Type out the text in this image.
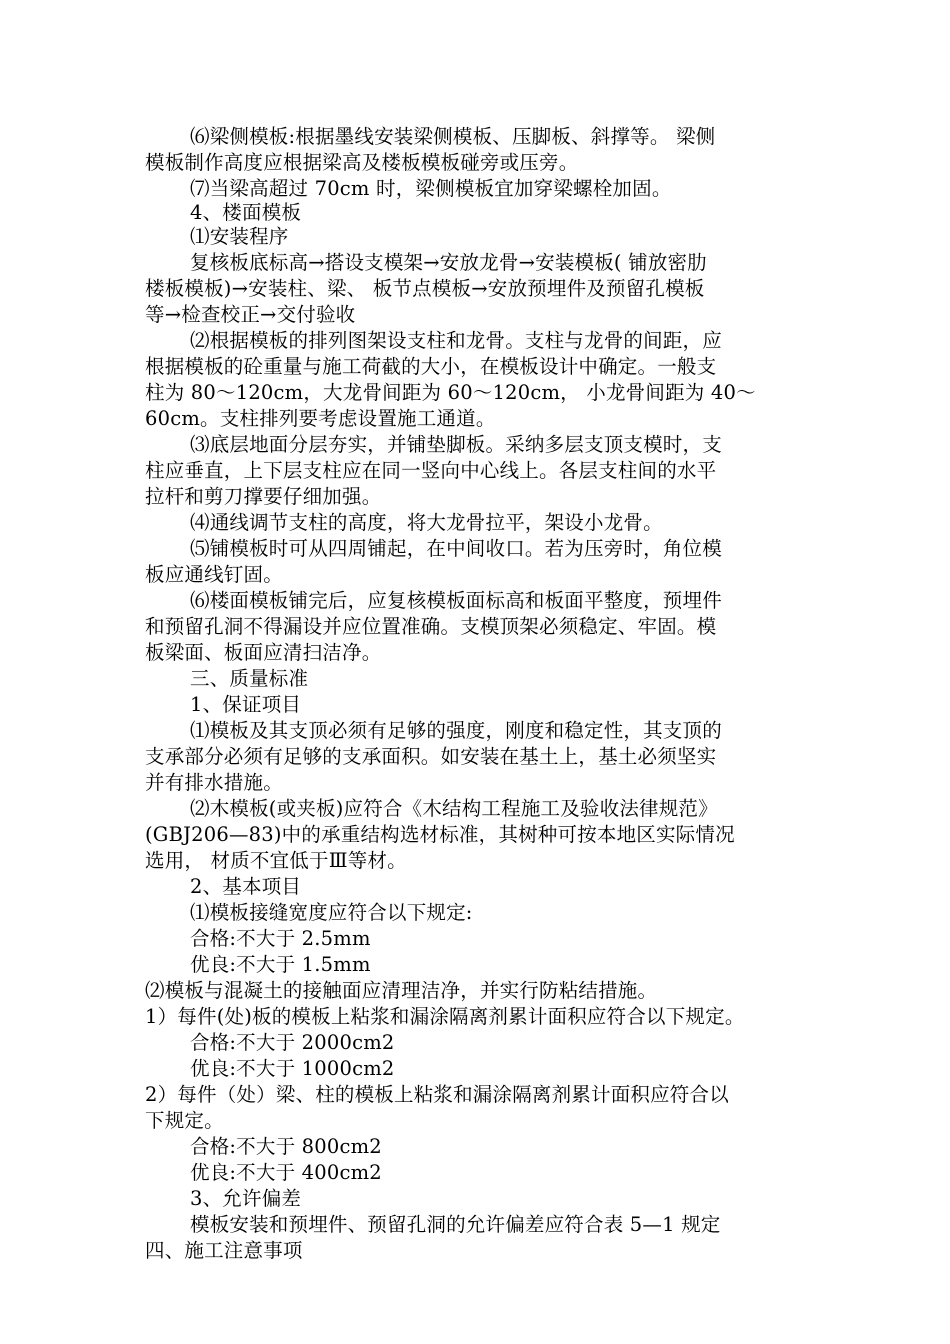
⑹梁侧模板:根据墨线安装梁侧模板、压脚板、斜撑等。 梁侧
模板制作高度应根据梁高及楼板模板碰旁或压旁。
⑺当梁高超过 70cm 时，梁侧模板宜加穿梁螺栓加固。
4、楼面模板
⑴安装程序
复核板底标高→搭设支模架→安放龙骨→安装模板( 铺放密肋
楼板模板)→安装柱、梁、 板节点模板→安放预埋件及预留孔模板
等→检查校正→交付验收
⑵根据模板的排列图架设支柱和龙骨。支柱与龙骨的间距，应
根据模板的砼重量与施工荷截的大小，在模板设计中确定。一般支
柱为 80～120cm，大龙骨间距为 60～120cm， 小龙骨间距为 40～
60cm。支柱排列要考虑设置施工通道。
⑶底层地面分层夯实，并铺垫脚板。采纳多层支顶支模时，支
柱应垂直，上下层支柱应在同一竖向中心线上。各层支柱间的水平
拉杆和剪刀撑要仔细加强。
⑷通线调节支柱的高度，将大龙骨拉平，架设小龙骨。
⑸铺模板时可从四周铺起，在中间收口。若为压旁时，角位模
板应通线钉固。
⑹楼面模板铺完后，应复核模板面标高和板面平整度，预埋件
和预留孔洞不得漏设并应位置准确。支模顶架必须稳定、牢固。模
板梁面、板面应清扫洁净。
三、质量标准
1、保证项目
⑴模板及其支顶必须有足够的强度，刚度和稳定性，其支顶的
支承部分必须有足够的支承面积。如安装在基土上，基土必须坚实
并有排水措施。
⑵木模板(或夹板)应符合《木结构工程施工及验收法律规范》
(GBJ206—83)中的承重结构选材标准，其树种可按本地区实际情况
选用， 材质不宜低于Ⅲ等材。
2、基本项目
⑴模板接缝宽度应符合以下规定:
合格:不大于 2.5mm
优良:不大于 1.5mm
⑵模板与混凝土的接触面应清理洁净，并实行防粘结措施。
1）每件(处)板的模板上粘浆和漏涂隔离剂累计面积应符合以下规定。
合格:不大于 2000cm2
优良:不大于 1000cm2
2）每件（处）梁、柱的模板上粘浆和漏涂隔离剂累计面积应符合以
下规定。
合格:不大于 800cm2
优良:不大于 400cm2
3、允许偏差
模板安装和预埋件、预留孔洞的允许偏差应符合表 5—1 规定
四、施工注意事项
